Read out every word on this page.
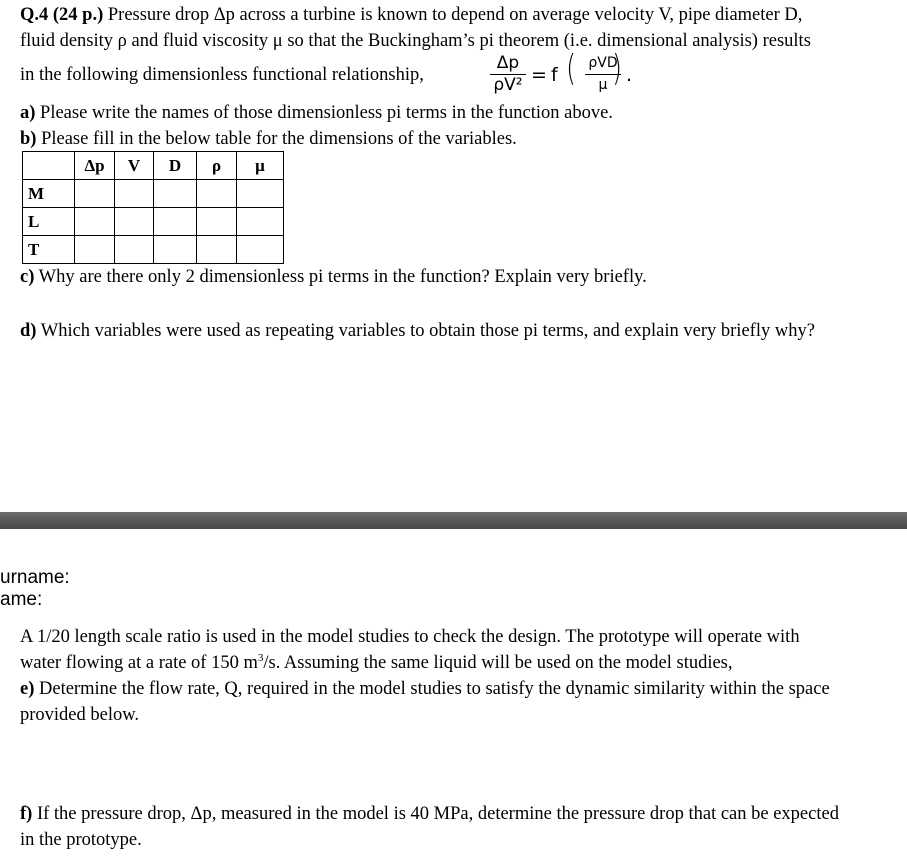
Q.4 (24 p.) Pressure drop Δp across a turbine is known to depend on average velocity V, pipe diameter D,
fluid density ρ and fluid viscosity μ so that the Buckingham’s pi theorem (i.e. dimensional analysis) results
in the following dimensionless functional relationship,
Δp
ρV² = f ( ρVD
μ ) .
a) Please write the names of those dimensionless pi terms in the function above.
b) Please fill in the below table for the dimensions of the variables.
	Δp	V	D	ρ	μ
M					
L					
T					
c) Why are there only 2 dimensionless pi terms in the function? Explain very briefly.
d) Which variables were used as repeating variables to obtain those pi terms, and explain very briefly why?
urname:
ame:
A 1/20 length scale ratio is used in the model studies to check the design. The prototype will operate with
water flowing at a rate of 150 $m^3/s$. Assuming the same liquid will be used on the model studies,
e) Determine the flow rate, Q, required in the model studies to satisfy the dynamic similarity within the space
provided below.
f) If the pressure drop, Δp, measured in the model is 40 MPa, determine the pressure drop that can be expected
in the prototype.
